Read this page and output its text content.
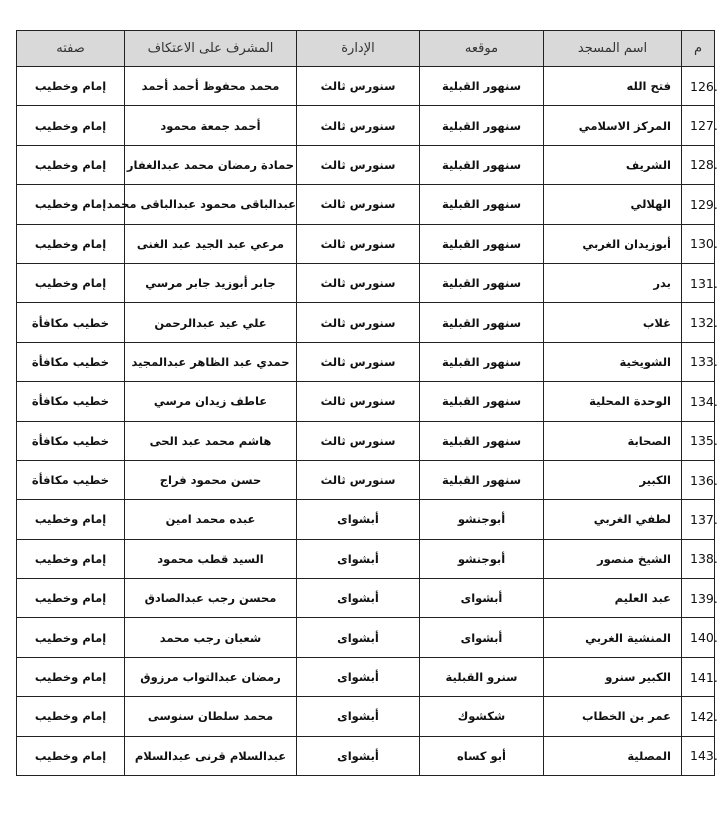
م	اسم المسجد	موقعه	الإدارة	المشرف على الاعتكاف	صفته
126.	فتح الله	سنهور القبلية	سنورس ثالث	محمد محفوظ أحمد أحمد	إمام وخطيب
127.	المركز الاسلامي	سنهور القبلية	سنورس ثالث	أحمد جمعة محمود	إمام وخطيب
128.	الشريف	سنهور القبلية	سنورس ثالث	حمادة رمضان محمد عبدالغفار	إمام وخطيب
129.	الهلالي	سنهور القبلية	سنورس ثالث	عبدالباقى محمود عبدالباقى محمد	إمام وخطيب
130.	أبوزيدان الغربي	سنهور القبلية	سنورس ثالث	مرعي عبد الجيد عبد الغنى	إمام وخطيب
131.	بدر	سنهور القبلية	سنورس ثالث	جابر أبوزيد جابر مرسي	إمام وخطيب
132.	غلاب	سنهور القبلية	سنورس ثالث	علي عيد عبدالرحمن	خطيب مكافأة
133.	الشويخية	سنهور القبلية	سنورس ثالث	حمدي عبد الظاهر عبدالمجيد	خطيب مكافأة
134.	الوحدة المحلية	سنهور القبلية	سنورس ثالث	عاطف زيدان مرسي	خطيب مكافأة
135.	الصحابة	سنهور القبلية	سنورس ثالث	هاشم محمد عبد الحى	خطيب مكافأة
136.	الكبير	سنهور القبلية	سنورس ثالث	حسن محمود فراج	خطيب مكافأة
137.	لطفي الغربي	أبوجنشو	أبشواى	عبده محمد امين	إمام وخطيب
138.	الشيخ منصور	أبوجنشو	أبشواى	السيد قطب محمود	إمام وخطيب
139.	عبد العليم	أبشواى	أبشواى	محسن رجب عبدالصادق	إمام وخطيب
140.	المنشية الغربي	أبشواى	أبشواى	شعبان رجب محمد	إمام وخطيب
141.	الكبير سنرو	سنرو القبلية	أبشواى	رمضان عبدالتواب مرزوق	إمام وخطيب
142.	عمر بن الخطاب	شكشوك	أبشواى	محمد سلطان سنوسى	إمام وخطيب
143.	المصلية	أبو كساه	أبشواى	عبدالسلام قرنى عبدالسلام	إمام وخطيب
